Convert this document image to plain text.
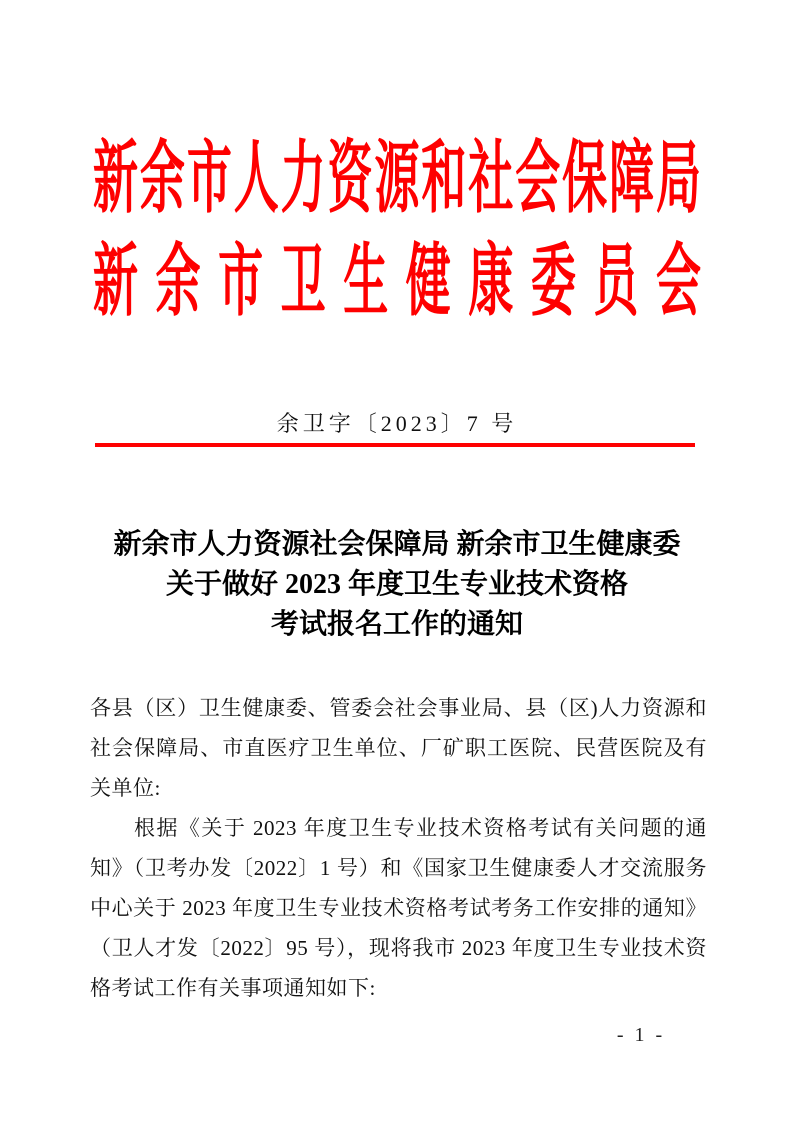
新余市人力资源和社会保障局
新余市卫生健康委员会
余卫字〔2023〕7 号
新余市人力资源社会保障局 新余市卫生健康委
关于做好 2023 年度卫生专业技术资格
考试报名工作的通知
各县（区）卫生健康委、管委会社会事业局、县（区)人力资源和
社会保障局、市直医疗卫生单位、厂矿职工医院、民营医院及有
关单位:
根据《关于 2023 年度卫生专业技术资格考试有关问题的通
知》（卫考办发〔2022〕1 号）和《国家卫生健康委人才交流服务
中心关于 2023 年度卫生专业技术资格考试考务工作安排的通知》
（卫人才发〔2022〕95 号），现将我市 2023 年度卫生专业技术资
格考试工作有关事项通知如下:
- 1 -
